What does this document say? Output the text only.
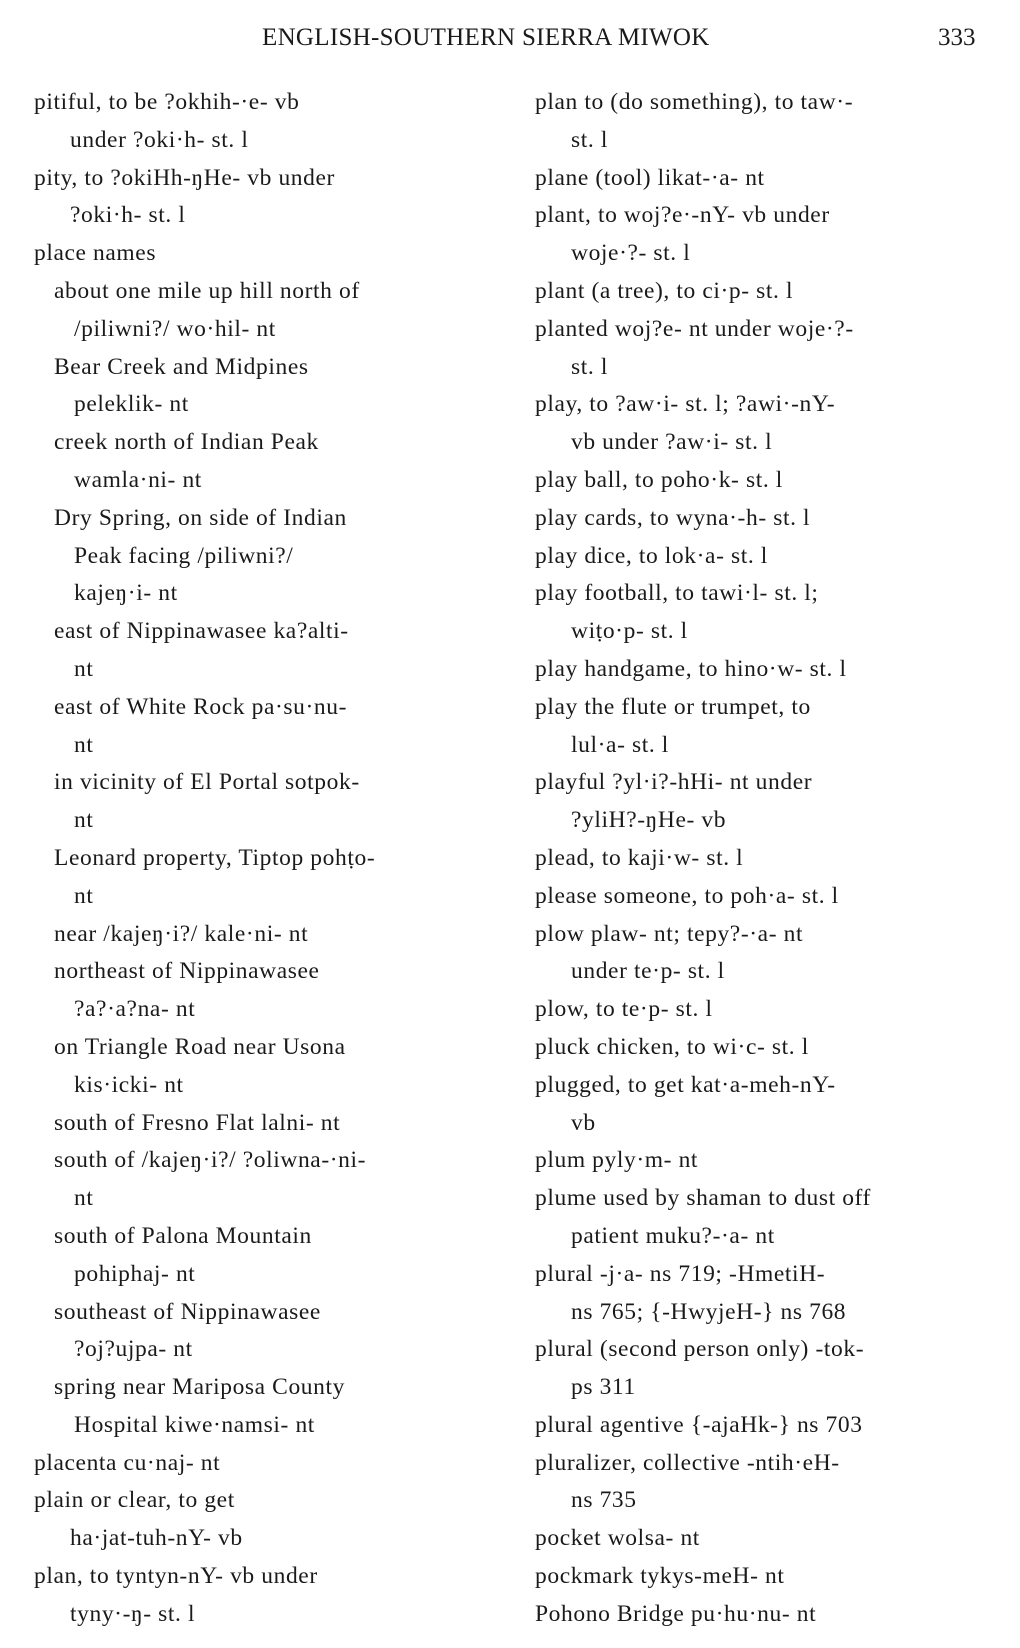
ENGLISH-SOUTHERN SIERRA MIWOK	333
pitiful, to be ?okhih-·e- vb
under ?oki·h- st. l
pity, to ?okiHh-ŋHe- vb under
?oki·h- st. l
place names
about one mile up hill north of
/piliwni?/ wo·hil- nt
Bear Creek and Midpines
peleklik- nt
creek north of Indian Peak
wamla·ni- nt
Dry Spring, on side of Indian
Peak facing /piliwni?/
kajeŋ·i- nt
east of Nippinawasee ka?alti-
nt
east of White Rock pa·su·nu-
nt
in vicinity of El Portal sotpok-
nt
Leonard property, Tiptop pohṭo-
nt
near /kajeŋ·i?/ kale·ni- nt
northeast of Nippinawasee
?a?·a?na- nt
on Triangle Road near Usona
kis·icki- nt
south of Fresno Flat lalni- nt
south of /kajeŋ·i?/ ?oliwna-·ni-
nt
south of Palona Mountain
pohiphaj- nt
southeast of Nippinawasee
?oj?ujpa- nt
spring near Mariposa County
Hospital kiwe·namsi- nt
placenta cu·naj- nt
plain or clear, to get
ha·jat-tuh-nY- vb
plan, to tyntyn-nY- vb under
tyny·-ŋ- st. l
plan to (do something), to taw·-
st. l
plane (tool) likat-·a- nt
plant, to woj?e·-nY- vb under
woje·?- st. l
plant (a tree), to ci·p- st. l
planted woj?e- nt under woje·?-
st. l
play, to ?aw·i- st. l; ?awi·-nY-
vb under ?aw·i- st. l
play ball, to poho·k- st. l
play cards, to wyna·-h- st. l
play dice, to lok·a- st. l
play football, to tawi·l- st. l;
wiṭo·p- st. l
play handgame, to hino·w- st. l
play the flute or trumpet, to
lul·a- st. l
playful ?yl·i?-hHi- nt under
?yliH?-ŋHe- vb
plead, to kaji·w- st. l
please someone, to poh·a- st. l
plow plaw- nt; tepy?-·a- nt
under te·p- st. l
plow, to te·p- st. l
pluck chicken, to wi·c- st. l
plugged, to get kat·a-meh-nY-
vb
plum pyly·m- nt
plume used by shaman to dust off
patient muku?-·a- nt
plural -j·a- ns 719; -HmetiH-
ns 765; {-HwyjeH-} ns 768
plural (second person only) -tok-
ps 311
plural agentive {-ajaHk-} ns 703
pluralizer, collective -ntih·eH-
ns 735
pocket wolsa- nt
pockmark tykys-meH- nt
Pohono Bridge pu·hu·nu- nt
